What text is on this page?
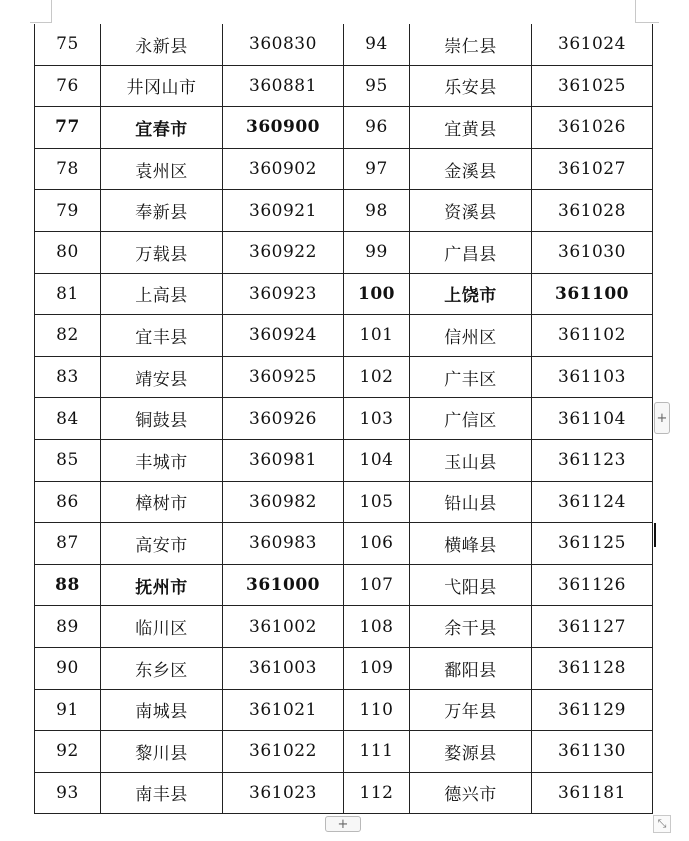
75	永新县	360830	94	崇仁县	361024
76	井冈山市	360881	95	乐安县	361025
77	宜春市	360900	96	宜黄县	361026
78	袁州区	360902	97	金溪县	361027
79	奉新县	360921	98	资溪县	361028
80	万载县	360922	99	广昌县	361030
81	上高县	360923	100	上饶市	361100
82	宜丰县	360924	101	信州区	361102
83	靖安县	360925	102	广丰区	361103
84	铜鼓县	360926	103	广信区	361104
85	丰城市	360981	104	玉山县	361123
86	樟树市	360982	105	铅山县	361124
87	高安市	360983	106	横峰县	361125
88	抚州市	361000	107	弋阳县	361126
89	临川区	361002	108	余干县	361127
90	东乡区	361003	109	鄱阳县	361128
91	南城县	361021	110	万年县	361129
92	黎川县	361022	111	婺源县	361130
93	南丰县	361023	112	德兴市	361181
+
+	⤡
